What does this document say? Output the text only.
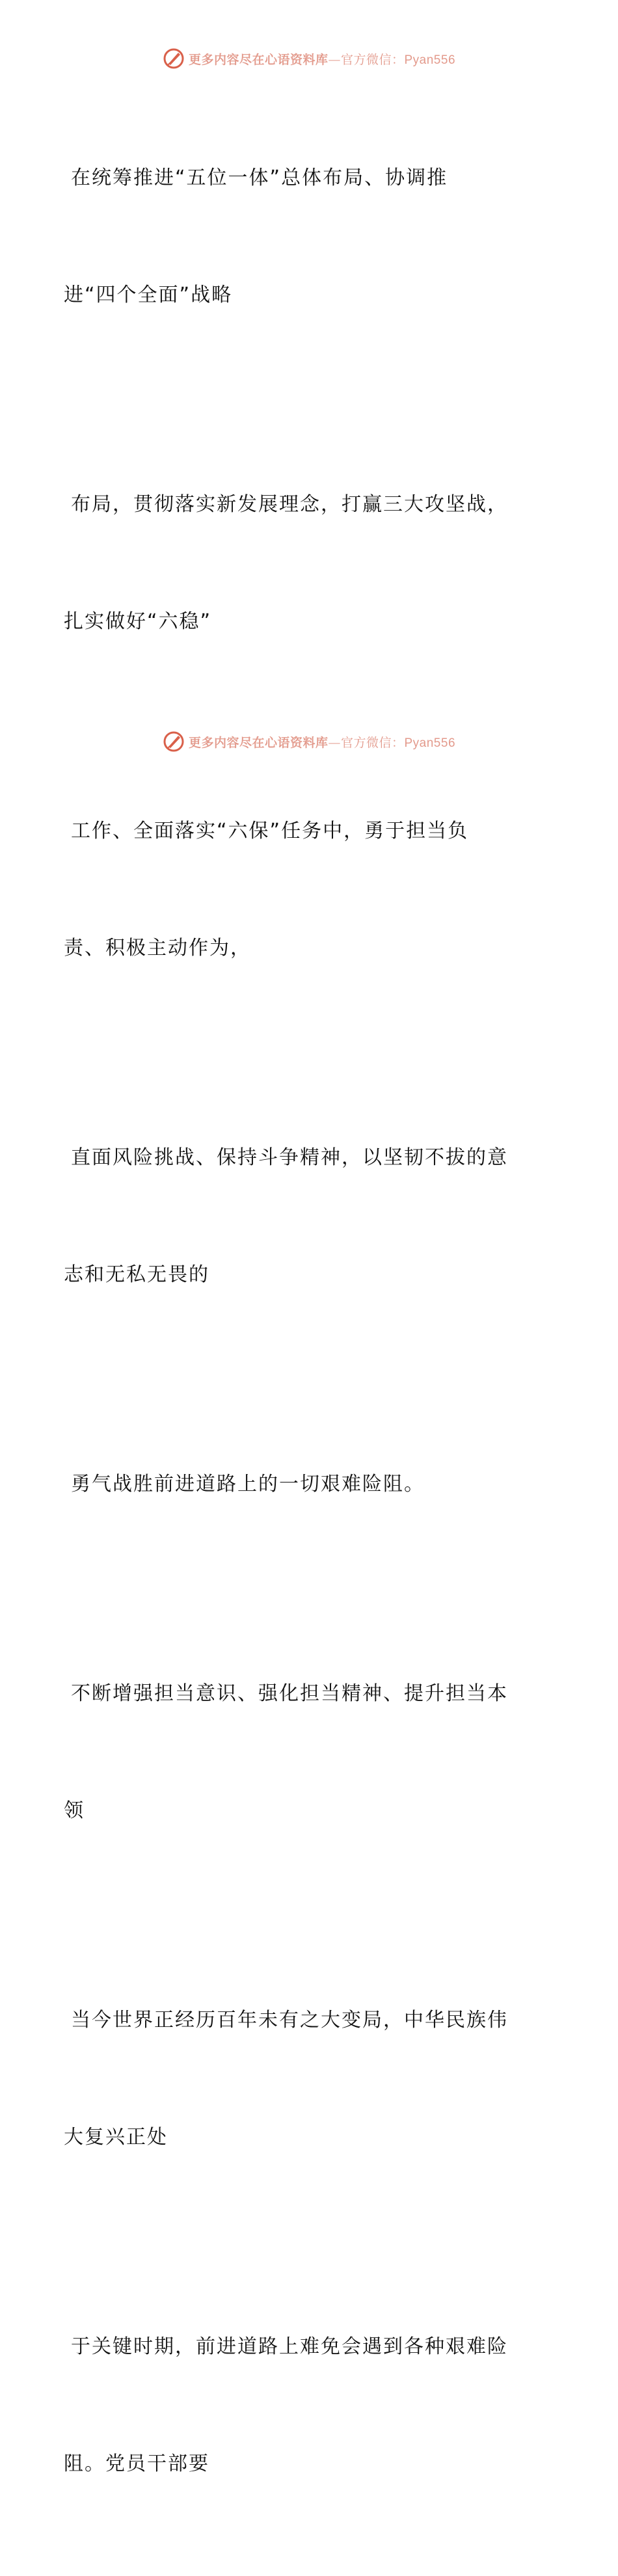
更多内容尽在心语资料库—官方微信：Pyan556

在统筹推进“五位一体”总体布局、协调推

进“四个全面”战略

布局，贯彻落实新发展理念，打赢三大攻坚战，

扎实做好“六稳”

工作、全面落实“六保”任务中，勇于担当负

责、积极主动作为，

直面风险挑战、保持斗争精神，以坚韧不拔的意

志和无私无畏的

勇气战胜前进道路上的一切艰难险阻。

不断增强担当意识、强化担当精神、提升担当本

领

当今世界正经历百年未有之大变局，中华民族伟

大复兴正处

于关键时期，前进道路上难免会遇到各种艰难险

阻。党员干部要

更多内容尽在心语资料库—官方微信：Pyan556
